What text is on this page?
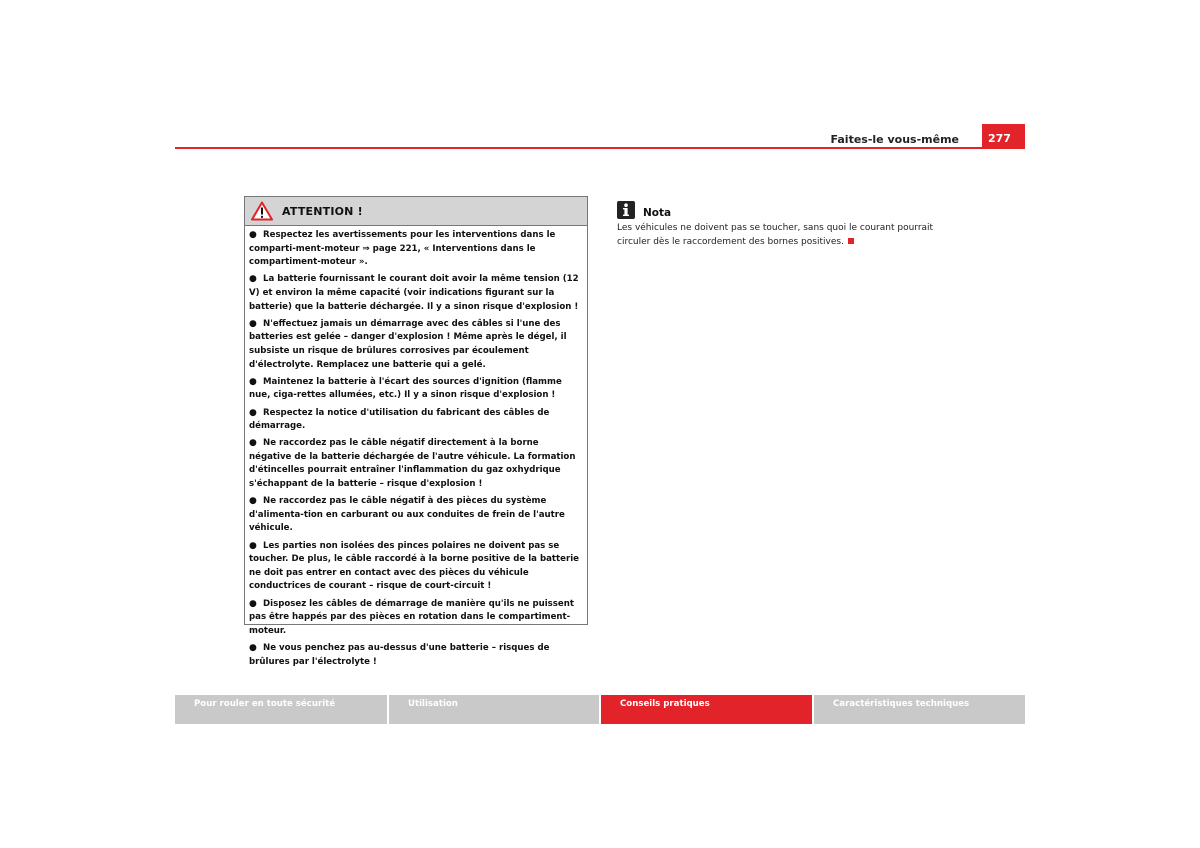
Faites-le vous-même	277
ATTENTION !
● Respectez les avertissements pour les interventions dans le comparti-ment-moteur ⇒ page 221, « Interventions dans le compartiment-moteur ».
● La batterie fournissant le courant doit avoir la même tension (12 V) et environ la même capacité (voir indications figurant sur la batterie) que la batterie déchargée. Il y a sinon risque d'explosion !
● N'effectuez jamais un démarrage avec des câbles si l'une des batteries est gelée – danger d'explosion ! Même après le dégel, il subsiste un risque de brûlures corrosives par écoulement d'électrolyte. Remplacez une batterie qui a gelé.
● Maintenez la batterie à l'écart des sources d'ignition (flamme nue, ciga-rettes allumées, etc.) Il y a sinon risque d'explosion !
● Respectez la notice d'utilisation du fabricant des câbles de démarrage.
● Ne raccordez pas le câble négatif directement à la borne négative de la batterie déchargée de l'autre véhicule. La formation d'étincelles pourrait entraîner l'inflammation du gaz oxhydrique s'échappant de la batterie – risque d'explosion !
● Ne raccordez pas le câble négatif à des pièces du système d'alimenta-tion en carburant ou aux conduites de frein de l'autre véhicule.
● Les parties non isolées des pinces polaires ne doivent pas se toucher. De plus, le câble raccordé à la borne positive de la batterie ne doit pas entrer en contact avec des pièces du véhicule conductrices de courant – risque de court-circuit !
● Disposez les câbles de démarrage de manière qu'ils ne puissent pas être happés par des pièces en rotation dans le compartiment-moteur.
● Ne vous penchez pas au-dessus d'une batterie – risques de brûlures par l'électrolyte !
Nota
Les véhicules ne doivent pas se toucher, sans quoi le courant pourrait circuler dès le raccordement des bornes positives.
Pour rouler en toute sécurité	Utilisation	Conseils pratiques	Caractéristiques techniques
